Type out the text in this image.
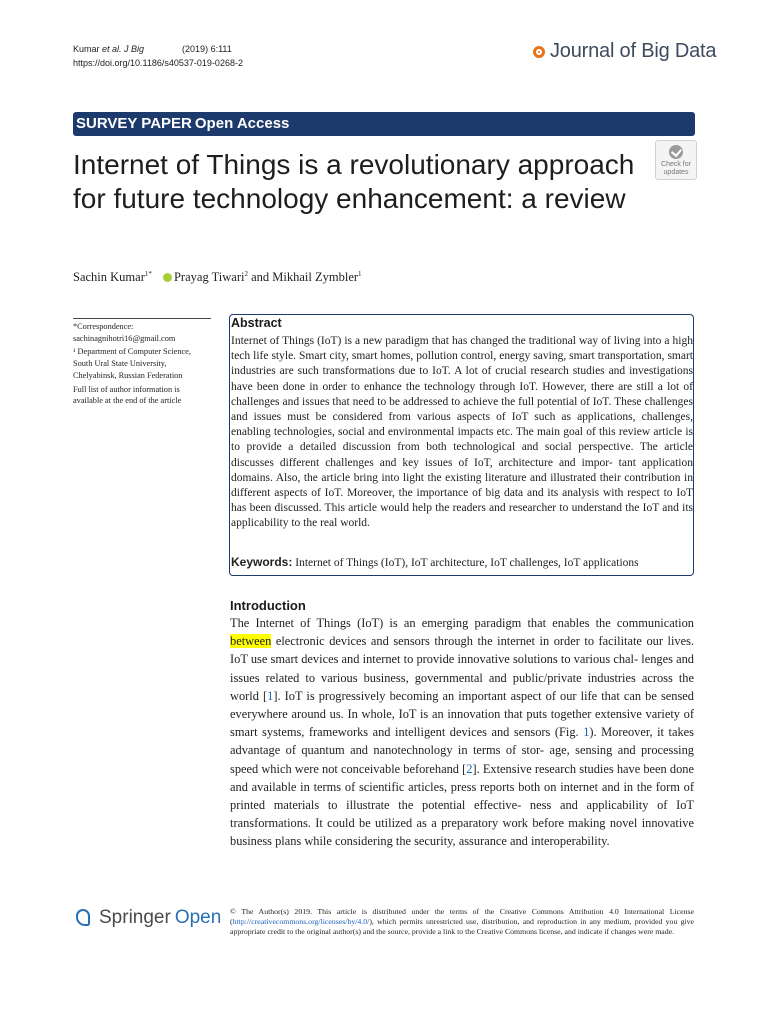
Kumar et al. J Big	(2019) 6:111
https://doi.org/10.1186/s40537-019-0268-2
Journal of Big Data
SURVEY PAPER Open Access
Internet of Things is a revolutionary approach for future technology enhancement: a review
Check for
updates
Sachin Kumar$^{1*}$ Prayag Tiwari$^2$ and Mikhail Zymbler$^1$

*Correspondence: sachinagnihotri16@gmail.com

¹ Department of Computer Science, South Ural State University, Chelyabinsk, Russian Federation

Full list of author information is available at the end of the article

Abstract
Internet of Things (IoT) is a new paradigm that has changed the traditional way of living into a high tech life style. Smart city, smart homes, pollution control, energy saving, smart transportation, smart industries are such transformations due to IoT. A lot of crucial research studies and investigations have been done in order to enhance the technology through IoT. However, there are still a lot of challenges and issues that need to be addressed to achieve the full potential of IoT. These challenges and issues must be considered from various aspects of IoT such as applications, challenges, enabling technologies, social and environmental impacts etc. The main goal of this review article is to provide a detailed discussion from both technological and social perspective. The article discusses different challenges and key issues of IoT, architecture and impor- tant application domains. Also, the article bring into light the existing literature and illustrated their contribution in different aspects of IoT. Moreover, the importance of big data and its analysis with respect to IoT has been discussed. This article would help the readers and researcher to understand the IoT and its applicability to the real world.
Keywords: Internet of Things (IoT), IoT architecture, IoT challenges, IoT applications
Introduction

The Internet of Things (IoT) is an emerging paradigm that enables the communication between electronic devices and sensors through the internet in order to facilitate our lives. IoT use smart devices and internet to provide innovative solutions to various chal- lenges and issues related to various business, governmental and public/private industries across the world [1]. IoT is progressively becoming an important aspect of our life that can be sensed everywhere around us. In whole, IoT is an innovation that puts together extensive variety of smart systems, frameworks and intelligent devices and sensors (Fig. 1). Moreover, it takes advantage of quantum and nanotechnology in terms of stor- age, sensing and processing speed which were not conceivable beforehand [2]. Extensive research studies have been done and available in terms of scientific articles, press reports both on internet and in the form of printed materials to illustrate the potential effective- ness and applicability of IoT transformations. It could be utilized as a preparatory work before making novel innovative business plans while considering the security, assurance and interoperability.

Springer Open © The Author(s) 2019. This article is distributed under the terms of the Creative Commons Attribution 4.0 International License (http://creativecommons.org/licenses/by/4.0/), which permits unrestricted use, distribution, and reproduction in any medium, provided you give appropriate credit to the original author(s) and the source, provide a link to the Creative Commons license, and indicate if changes were made.
